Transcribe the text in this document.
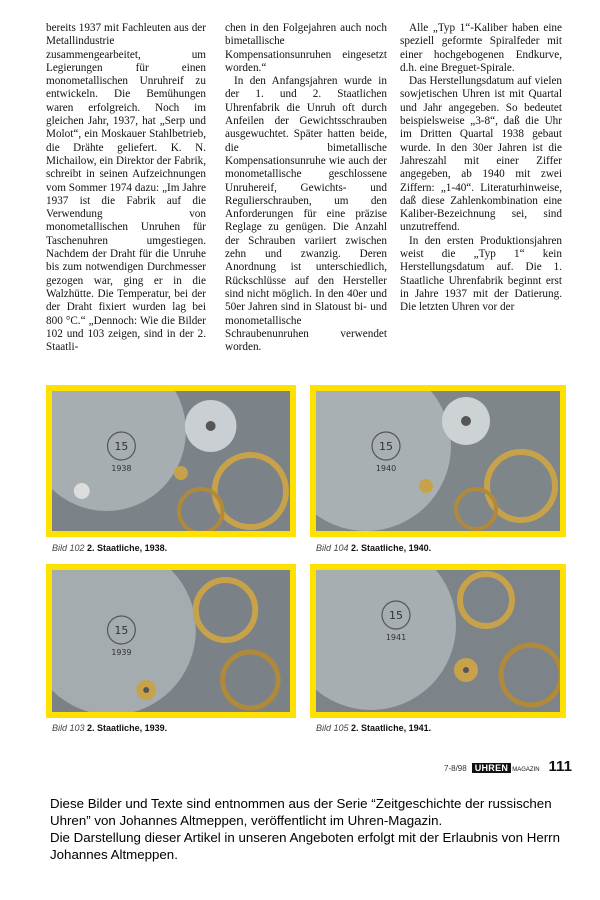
bereits 1937 mit Fachleuten aus der Metallindustrie zusammengearbeitet, um Legierungen für einen monometallischen Unruhreif zu entwickeln. Die Bemühungen waren erfolgreich. Noch im gleichen Jahr, 1937, hat „Serp und Molot“, ein Moskauer Stahlbetrieb, die Drähte geliefert. K. N. Michailow, ein Direktor der Fabrik, schreibt in seinen Aufzeichnungen vom Sommer 1974 dazu: „Im Jahre 1937 ist die Fabrik auf die Verwendung von monometallischen Unruhen für Taschenuhren umgestiegen. Nachdem der Draht für die Unruhe bis zum notwendigen Durchmesser gezogen war, ging er in die Walzhütte. Die Temperatur, bei der der Draht fixiert wurden lag bei 800 °C.“ „Dennoch: Wie die Bilder 102 und 103 zeigen, sind in der 2. Staatli-

chen in den Folgejahren auch noch bimetallische Kompensationsunruhen eingesetzt worden.“

In den Anfangsjahren wurde in der 1. und 2. Staatlichen Uhrenfabrik die Unruh oft durch Anfeilen der Gewichtsschrauben ausgewuchtet. Später hatten beide, die bimetallische Kompensationsunruhe wie auch der monometallische geschlossene Unruhereif, Gewichts- und Regulierschrauben, um den Anforderungen für eine präzise Reglage zu genügen. Die Anzahl der Schrauben variiert zwischen zehn und zwanzig. Deren Anordnung ist unterschiedlich, Rückschlüsse auf den Hersteller sind nicht möglich. In den 40er und 50er Jahren sind in Slatoust bi- und monometallische Schraubenunruhen verwendet worden.

Alle „Typ 1“-Kaliber haben eine speziell geformte Spiralfeder mit einer hochgebogenen Endkurve, d.h. eine Breguet-Spirale.

Das Herstellungsdatum auf vielen sowjetischen Uhren ist mit Quartal und Jahr angegeben. So bedeutet beispielsweise „3-8“, daß die Uhr im Dritten Quartal 1938 gebaut wurde. In den 30er Jahren ist die Jahreszahl mit einer Ziffer angegeben, ab 1940 mit zwei Ziffern: „1-40“. Literaturhinweise, daß diese Zahlenkombination eine Kaliber-Bezeichnung sei, sind unzutreffend.

In den ersten Produktionsjahren weist die „Typ 1“ kein Herstellungsdatum auf. Die 1. Staatliche Uhrenfabrik beginnt erst in Jahre 1937 mit der Datierung. Die letzten Uhren vor der

15
1938
15
1940
15
1939
15
1941
Bild 102 2. Staatliche, 1938.	Bild 104 2. Staatliche, 1940.
Bild 103 2. Staatliche, 1939.	Bild 105 2. Staatliche, 1941.
7-8/98 UHREN MAGAZIN 111

Diese Bilder und Texte sind entnommen aus der Serie “Zeitgeschichte der russischen Uhren” von Johannes Altmeppen, veröffentlicht im Uhren-Magazin.

Die Darstellung dieser Artikel in unseren Angeboten erfolgt mit der Erlaubnis von Herrn Johannes Altmeppen.
